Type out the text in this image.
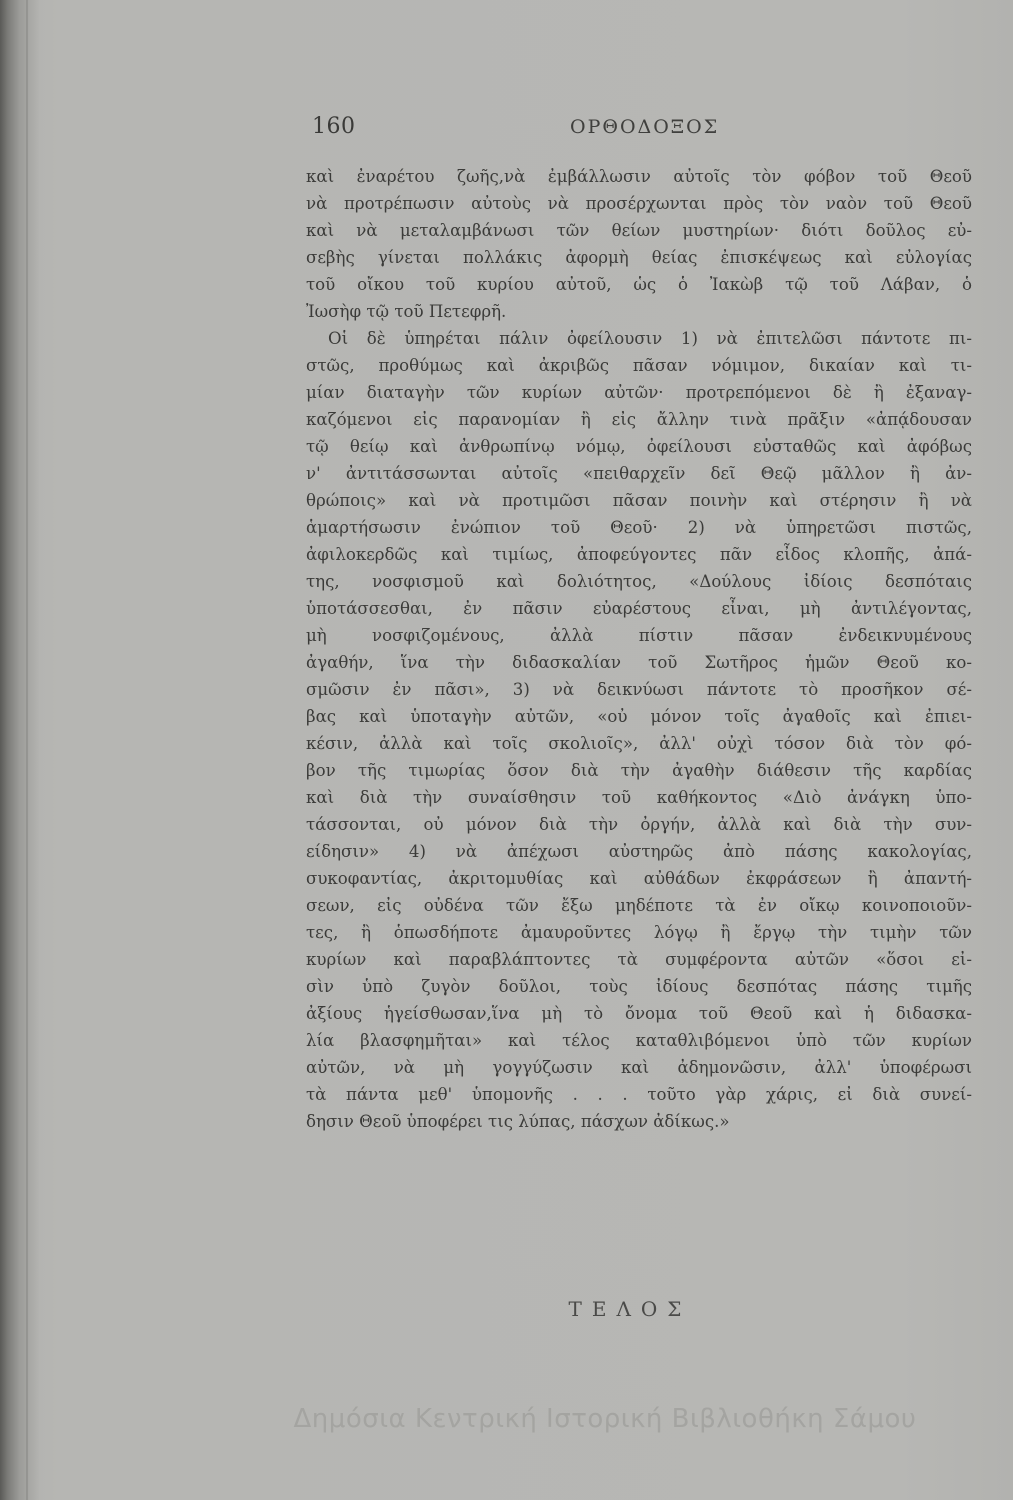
160	ΟΡΘΟΔΟΞΟΣ
καὶ ἐναρέτου ζωῆς,νὰ ἐμβάλλωσιν αὐτοῖς τὸν φόβον τοῦ Θεοῦ
νὰ προτρέπωσιν αὐτοὺς νὰ προσέρχωνται πρὸς τὸν ναὸν τοῦ Θεοῦ
καὶ νὰ μεταλαμβάνωσι τῶν θείων μυστηρίων· διότι δοῦλος εὐ-
σεβὴς γίνεται πολλάκις ἀφορμὴ θείας ἐπισκέψεως καὶ εὐλογίας
τοῦ οἴκου τοῦ κυρίου αὐτοῦ, ὡς ὁ Ἰακὼβ τῷ τοῦ Λάβαν, ὁ
Ἰωσὴφ τῷ τοῦ Πετεφρῆ.
Οἱ δὲ ὑπηρέται πάλιν ὀφείλουσιν 1) νὰ ἐπιτελῶσι πάντοτε πι-
στῶς, προθύμως καὶ ἀκριβῶς πᾶσαν νόμιμον, δικαίαν καὶ τι-
μίαν διαταγὴν τῶν κυρίων αὐτῶν· προτρεπόμενοι δὲ ἢ ἐξαναγ-
καζόμενοι εἰς παρανομίαν ἢ εἰς ἄλλην τινὰ πρᾶξιν «ἀπᾴδουσαν
τῷ θείῳ καὶ ἀνθρωπίνῳ νόμῳ, ὀφείλουσι εὐσταθῶς καὶ ἀφόβως
ν' ἀντιτάσσωνται αὐτοῖς «πειθαρχεῖν δεῖ Θεῷ μᾶλλον ἢ ἀν-
θρώποις» καὶ νὰ προτιμῶσι πᾶσαν ποινὴν καὶ στέρησιν ἢ νὰ
ἁμαρτήσωσιν ἐνώπιον τοῦ Θεοῦ· 2) νὰ ὑπηρετῶσι πιστῶς,
ἀφιλοκερδῶς καὶ τιμίως, ἀποφεύγοντες πᾶν εἶδος κλοπῆς, ἀπά-
της, νοσφισμοῦ καὶ δολιότητος, «Δούλους ἰδίοις δεσπόταις
ὑποτάσσεσθαι, ἐν πᾶσιν εὐαρέστους εἶναι, μὴ ἀντιλέγοντας,
μὴ νοσφιζομένους, ἀλλὰ πίστιν πᾶσαν ἐνδεικνυμένους
ἀγαθήν, ἵνα τὴν διδασκαλίαν τοῦ Σωτῆρος ἡμῶν Θεοῦ κο-
σμῶσιν ἐν πᾶσι», 3) νὰ δεικνύωσι πάντοτε τὸ προσῆκον σέ-
βας καὶ ὑποταγὴν αὐτῶν, «οὐ μόνον τοῖς ἀγαθοῖς καὶ ἐπιει-
κέσιν, ἀλλὰ καὶ τοῖς σκολιοῖς», ἀλλ' οὐχὶ τόσον διὰ τὸν φό-
βον τῆς τιμωρίας ὅσον διὰ τὴν ἀγαθὴν διάθεσιν τῆς καρδίας
καὶ διὰ τὴν συναίσθησιν τοῦ καθήκοντος «Διὸ ἀνάγκη ὑπο-
τάσσονται, οὐ μόνον διὰ τὴν ὀργήν, ἀλλὰ καὶ διὰ τὴν συν-
είδησιν» 4) νὰ ἀπέχωσι αὐστηρῶς ἀπὸ πάσης κακολογίας,
συκοφαντίας, ἀκριτομυθίας καὶ αὐθάδων ἐκφράσεων ἢ ἀπαντή-
σεων, εἰς οὐδένα τῶν ἔξω μηδέποτε τὰ ἐν οἴκῳ κοινοποιοῦν-
τες, ἢ ὁπωσδήποτε ἀμαυροῦντες λόγῳ ἢ ἔργῳ τὴν τιμὴν τῶν
κυρίων καὶ παραβλάπτοντες τὰ συμφέροντα αὐτῶν «ὅσοι εἰ-
σὶν ὑπὸ ζυγὸν δοῦλοι, τοὺς ἰδίους δεσπότας πάσης τιμῆς
ἀξίους ἡγείσθωσαν,ἵνα μὴ τὸ ὄνομα τοῦ Θεοῦ καὶ ἡ διδασκα-
λία βλασφημῆται» καὶ τέλος καταθλιβόμενοι ὑπὸ τῶν κυρίων
αὐτῶν, νὰ μὴ γογγύζωσιν καὶ ἀδημονῶσιν, ἀλλ' ὑποφέρωσι
τὰ πάντα μεθ' ὑπομονῆς . . . τοῦτο γὰρ χάρις, εἰ διὰ συνεί-
δησιν Θεοῦ ὑποφέρει τις λύπας, πάσχων ἀδίκως.»
ΤΕΛΟΣ
Δημόσια Κεντρική Ιστορική Βιβλιοθήκη Σάμου
